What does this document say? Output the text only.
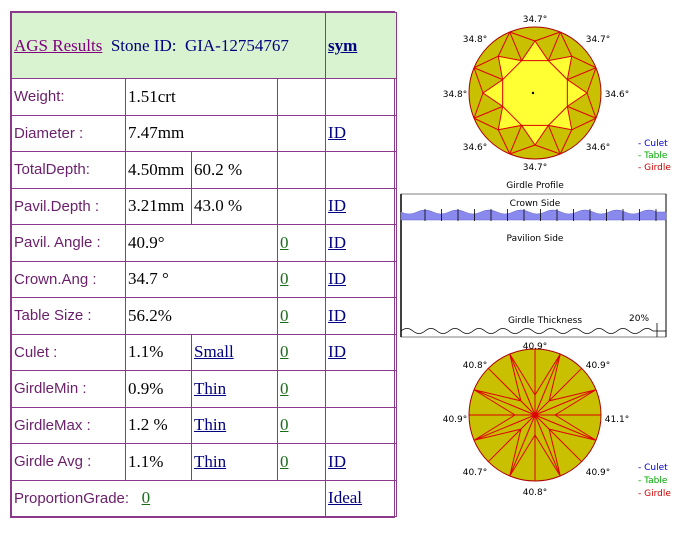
AGS Results Stone ID: GIA-12754767				sym
Weight:	1.51crt			
Diameter :	7.47mm			ID
TotalDepth:	4.50mm	60.2 %		
Pavil.Depth :	3.21mm	43.0 %		ID
Pavil. Angle :	40.9°		0	ID
Crown.Ang :	34.7 °		0	ID
Table Size :	56.2%		0	ID
Culet :	1.1%	Small	0	ID
GirdleMin :	0.9%	Thin	0	
GirdleMax :	1.2 %	Thin	0	
Girdle Avg :	1.1%	Thin	0	ID
ProportionGrade: 0				Ideal
34.7°
34.8°	34.7°
34.8°	34.6°
34.6°	34.6°
34.7°
- Culet
- Table
- Girdle
Girdle Profile
Crown Side
Pavilion Side
Girdle Thickness	20%
40.9°
40.8°	40.9°
40.9°	41.1°
40.7°	40.9°
40.8°
- Culet
- Table
- Girdle
